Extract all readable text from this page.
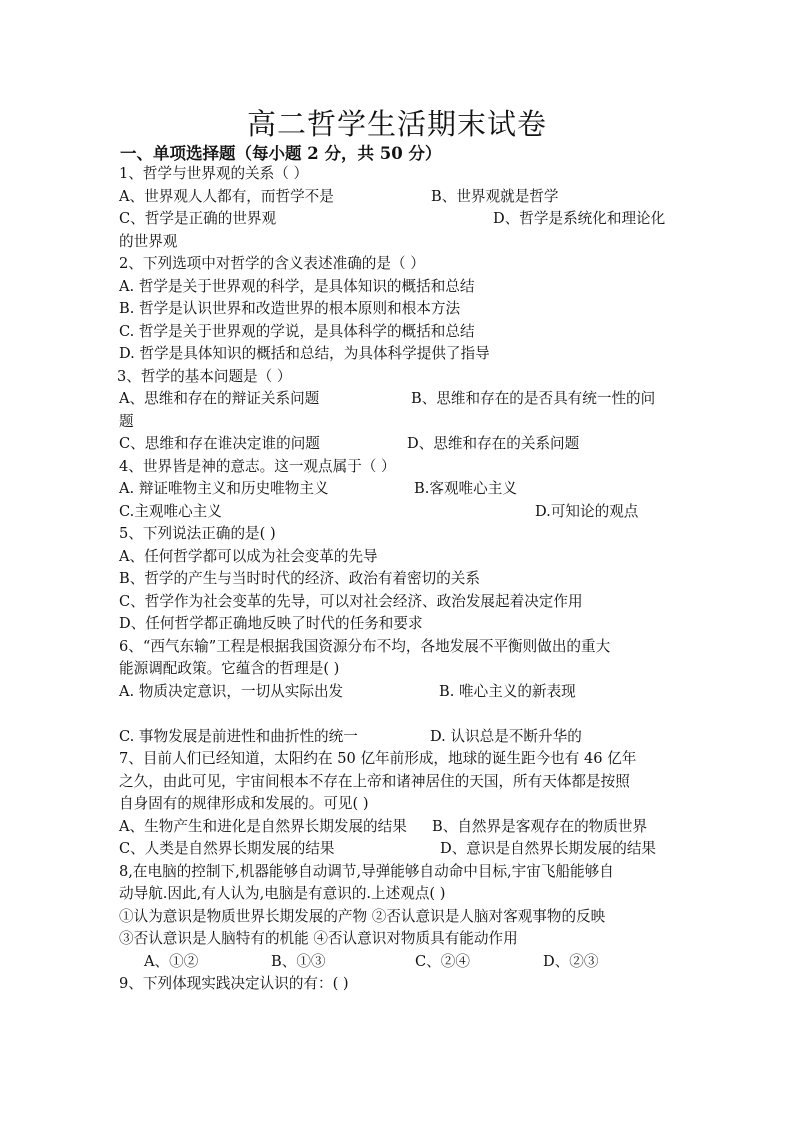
高二哲学生活期末试卷
一、单项选择题（每小题 2 分，共 50 分）
1、哲学与世界观的关系（ ）
A、世界观人人都有，而哲学不是	B、世界观就是哲学
C、哲学是正确的世界观	D、哲学是系统化和理论化
的世界观
2、下列选项中对哲学的含义表述准确的是（ ）
A. 哲学是关于世界观的科学，是具体知识的概括和总结
B. 哲学是认识世界和改造世界的根本原则和根本方法
C. 哲学是关于世界观的学说，是具体科学的概括和总结
D. 哲学是具体知识的概括和总结，为具体科学提供了指导
3、哲学的基本问题是（ ）
A、思维和存在的辩证关系问题	B、思维和存在的是否具有统一性的问
题
C、思维和存在谁决定谁的问题	D、思维和存在的关系问题
4、世界皆是神的意志。这一观点属于（ ）
A. 辩证唯物主义和历史唯物主义	B.客观唯心主义
C.主观唯心主义	D.可知论的观点
5、下列说法正确的是( )
A、任何哲学都可以成为社会变革的先导
B、哲学的产生与当时时代的经济、政治有着密切的关系
C、哲学作为社会变革的先导，可以对社会经济、政治发展起着决定作用
D、任何哲学都正确地反映了时代的任务和要求
6、“西气东输”工程是根据我国资源分布不均，各地发展不平衡则做出的重大
能源调配政策。它蕴含的哲理是( )
A. 物质决定意识，一切从实际出发	B. 唯心主义的新表现
C. 事物发展是前进性和曲折性的统一	D. 认识总是不断升华的
7、目前人们已经知道，太阳约在 50 亿年前形成，地球的诞生距今也有 46 亿年
之久，由此可见，宇宙间根本不存在上帝和诸神居住的天国，所有天体都是按照
自身固有的规律形成和发展的。可见( )
A、生物产生和进化是自然界长期发展的结果 B、自然界是客观存在的物质世界
C、人类是自然界长期发展的结果	D、意识是自然界长期发展的结果
8,在电脑的控制下,机器能够自动调节,导弹能够自动命中目标,宇宙飞船能够自
动导航.因此,有人认为,电脑是有意识的.上述观点( )
①认为意识是物质世界长期发展的产物 ②否认意识是人脑对客观事物的反映
③否认意识是人脑特有的机能 ④否认意识对物质具有能动作用
A、①②	B、①③	C、②④	D、②③
9、下列体现实践决定认识的有：( )
